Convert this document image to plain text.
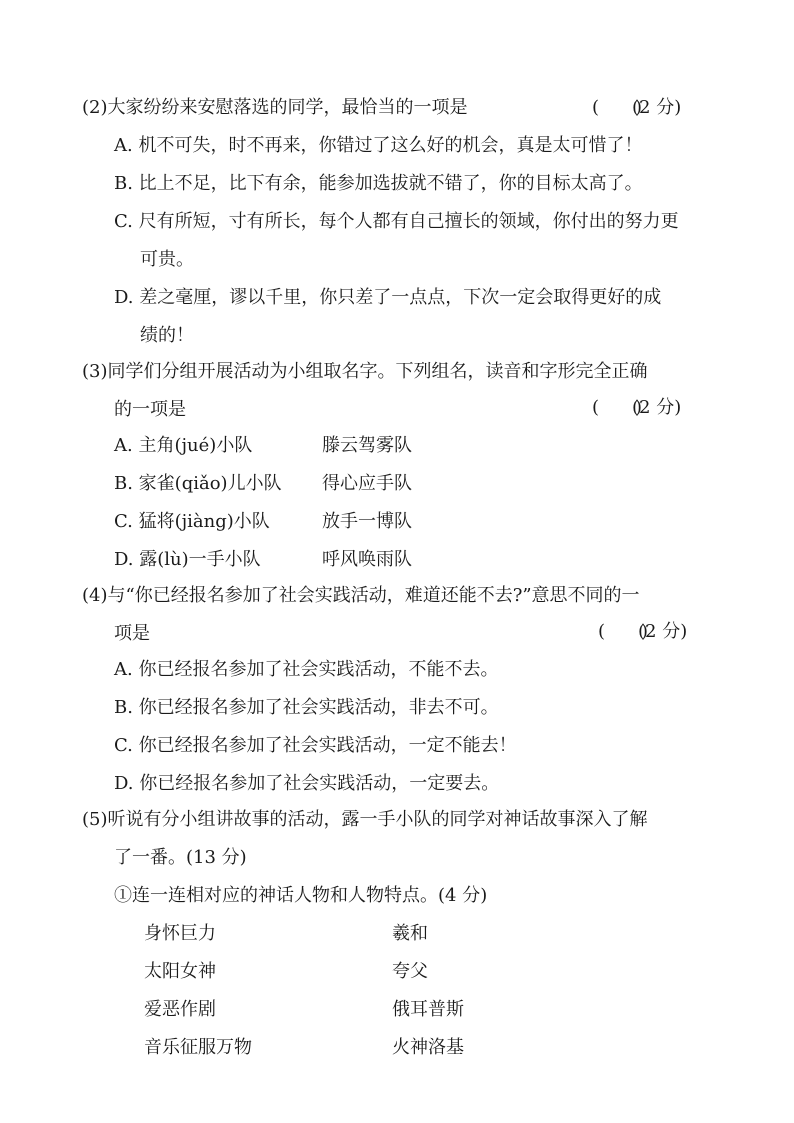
(2)大家纷纷来安慰落选的同学，最恰当的一项是	(　　)(2 分)
A. 机不可失，时不再来，你错过了这么好的机会，真是太可惜了！
B. 比上不足，比下有余，能参加选拔就不错了，你的目标太高了。
C. 尺有所短，寸有所长，每个人都有自己擅长的领域，你付出的努力更
可贵。
D. 差之毫厘，谬以千里，你只差了一点点，下次一定会取得更好的成
绩的！
(3)同学们分组开展活动为小组取名字。下列组名，读音和字形完全正确
的一项是	(　　)(2 分)
A. 主角(jué)小队	滕云驾雾队
B. 家雀(qiǎo)儿小队 得心应手队
C. 猛将(jiàng)小队	放手一博队
D. 露(lù)一手小队	呼风唤雨队
(4)与“你已经报名参加了社会实践活动，难道还能不去?”意思不同的一
项是	(　　)(2 分)
A. 你已经报名参加了社会实践活动，不能不去。
B. 你已经报名参加了社会实践活动，非去不可。
C. 你已经报名参加了社会实践活动，一定不能去！
D. 你已经报名参加了社会实践活动，一定要去。
(5)听说有分小组讲故事的活动，露一手小队的同学对神话故事深入了解
了一番。(13 分)
①连一连相对应的神话人物和人物特点。(4 分)
身怀巨力	羲和
太阳女神	夸父
爱恶作剧	俄耳普斯
音乐征服万物	火神洛基
